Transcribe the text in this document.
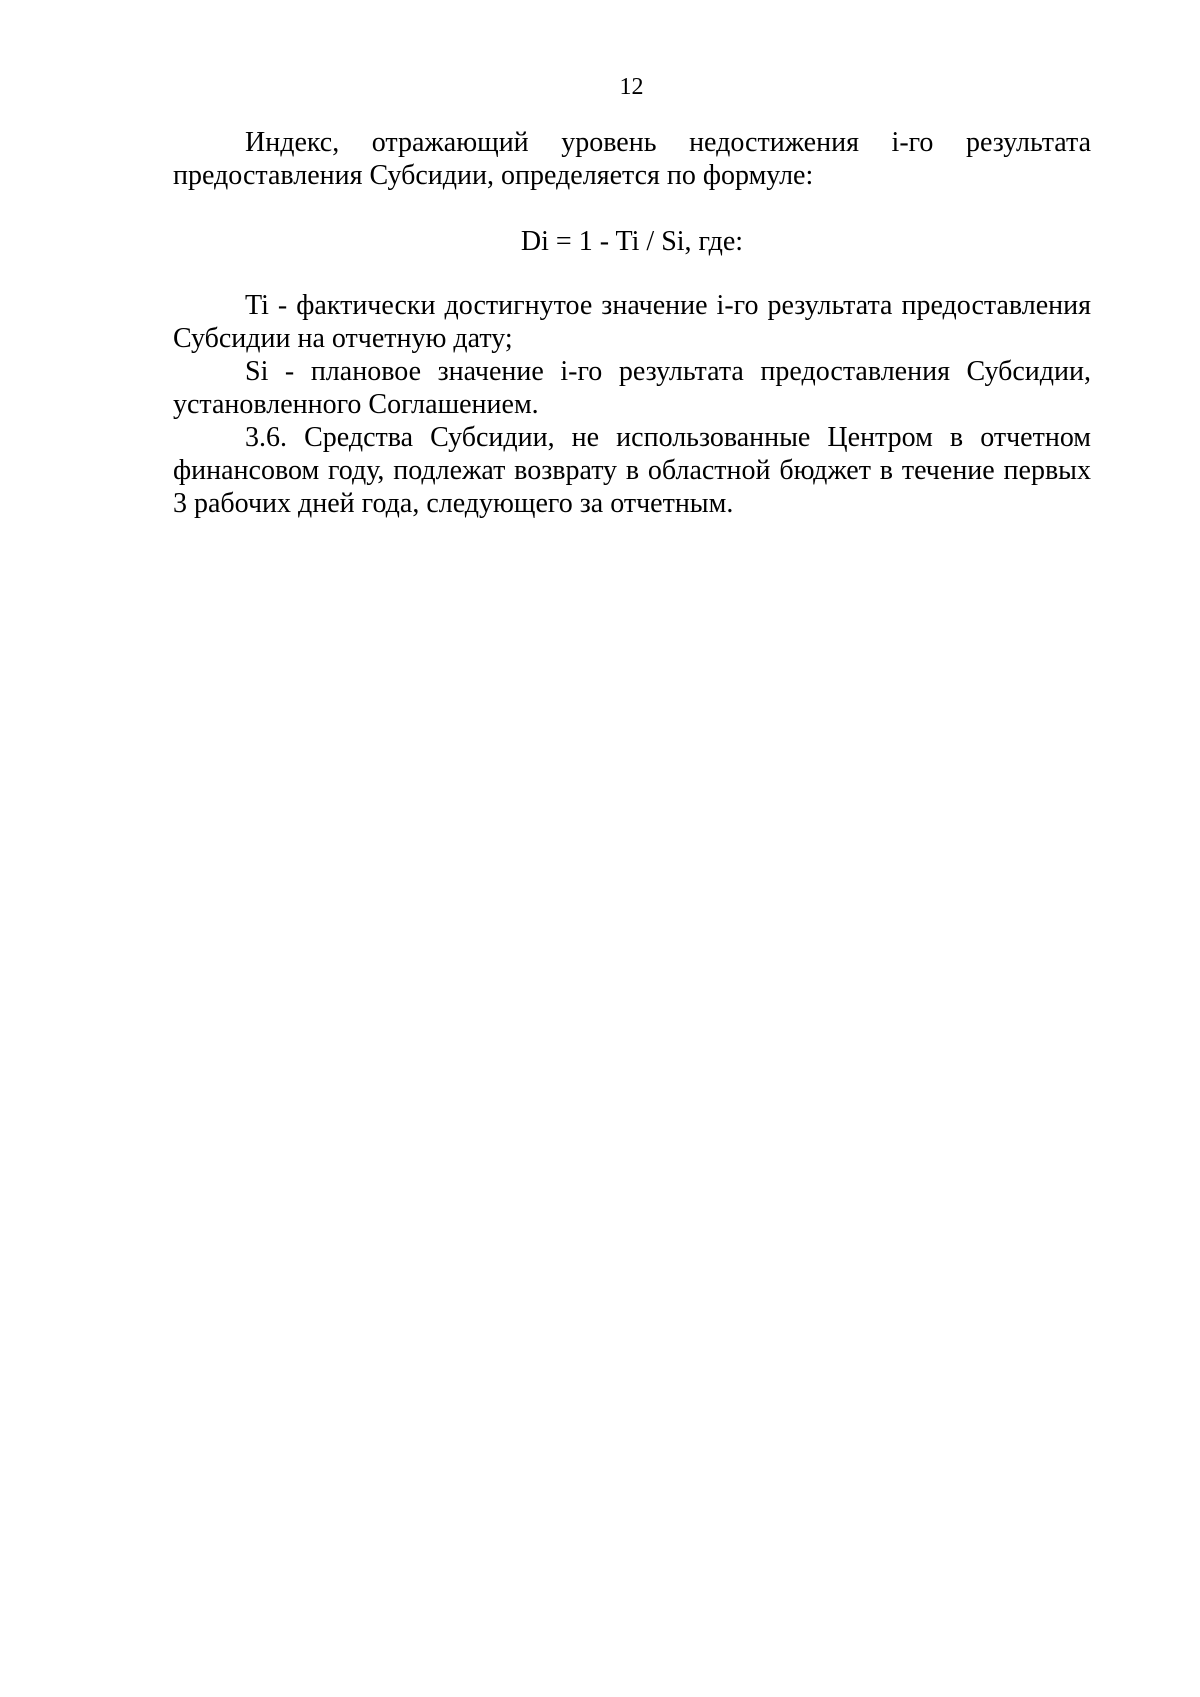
12

Индекс, отражающий уровень недостижения i-го результата предоставления Субсидии, определяется по формуле:

Di = 1 - Ti / Si, где:

Ti - фактически достигнутое значение i-го результата предоставления Субсидии на отчетную дату;

Si - плановое значение i-го результата предоставления Субсидии, установленного Соглашением.

3.6. Средства Субсидии, не использованные Центром в отчетном финансовом году, подлежат возврату в областной бюджет в течение первых 3 рабочих дней года, следующего за отчетным.
